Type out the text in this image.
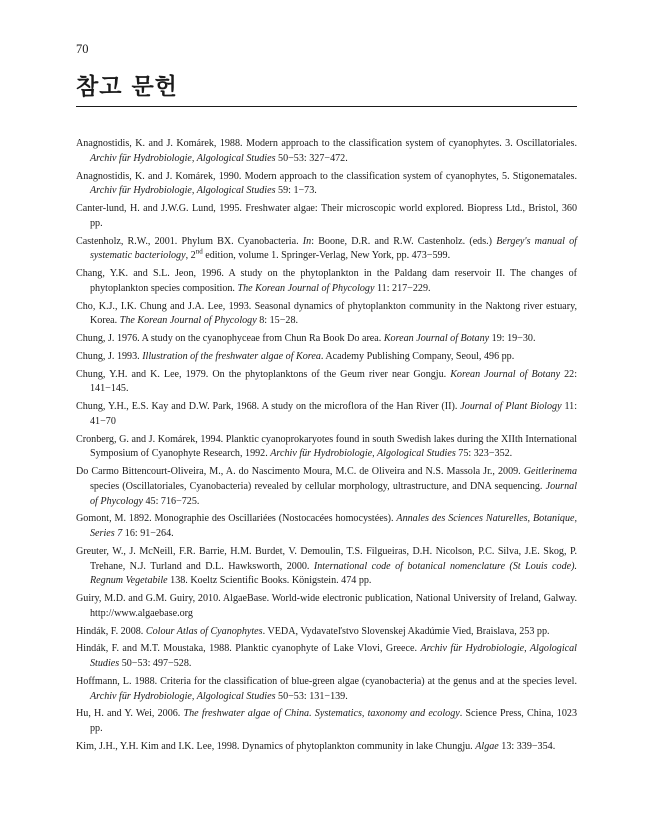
70
참고 문헌
Anagnostidis, K. and J. Komárek, 1988. Modern approach to the classification system of cyanophytes. 3. Oscillatoriales. Archiv für Hydrobiologie, Algological Studies 50−53: 327−472.
Anagnostidis, K. and J. Komárek, 1990. Modern approach to the classification system of cyanophytes, 5. Stigonematales. Archiv für Hydrobiologie, Algological Studies 59: 1−73.
Canter-lund, H. and J.W.G. Lund, 1995. Freshwater algae: Their microscopic world explored. Biopress Ltd., Bristol, 360 pp.
Castenholz, R.W., 2001. Phylum BX. Cyanobacteria. In: Boone, D.R. and R.W. Castenholz. (eds.) Bergey's manual of systematic bacteriology, 2nd edition, volume 1. Springer-Verlag, New York, pp. 473−599.
Chang, Y.K. and S.L. Jeon, 1996. A study on the phytoplankton in the Paldang dam reservoir II. The changes of phytoplankton species composition. The Korean Journal of Phycology 11: 217−229.
Cho, K.J., I.K. Chung and J.A. Lee, 1993. Seasonal dynamics of phytoplankton community in the Naktong river estuary, Korea. The Korean Journal of Phycology 8: 15−28.
Chung, J. 1976. A study on the cyanophyceae from Chun Ra Book Do area. Korean Journal of Botany 19: 19−30.
Chung, J. 1993. Illustration of the freshwater algae of Korea. Academy Publishing Company, Seoul, 496 pp.
Chung, Y.H. and K. Lee, 1979. On the phytoplanktons of the Geum river near Gongju. Korean Journal of Botany 22: 141−145.
Chung, Y.H., E.S. Kay and D.W. Park, 1968. A study on the microflora of the Han River (II). Journal of Plant Biology 11: 41−70
Cronberg, G. and J. Komárek, 1994. Planktic cyanoprokaryotes found in south Swedish lakes during the XIIth International Symposium of Cyanophyte Research, 1992. Archiv für Hydrobiologie, Algological Studies 75: 323−352.
Do Carmo Bittencourt-Oliveira, M., A. do Nascimento Moura, M.C. de Oliveira and N.S. Massola Jr., 2009. Geitlerinema species (Oscillatoriales, Cyanobacteria) revealed by cellular morphology, ultrastructure, and DNA sequencing. Journal of Phycology 45: 716−725.
Gomont, M. 1892. Monographie des Oscillariées (Nostocacées homocystées). Annales des Sciences Naturelles, Botanique, Series 7 16: 91−264.
Greuter, W., J. McNeill, F.R. Barrie, H.M. Burdet, V. Demoulin, T.S. Filgueiras, D.H. Nicolson, P.C. Silva, J.E. Skog, P. Trehane, N.J. Turland and D.L. Hawksworth, 2000. International code of botanical nomenclature (St Louis code). Regnum Vegetabile 138. Koeltz Scientific Books. Königstein. 474 pp.
Guiry, M.D. and G.M. Guiry, 2010. AlgaeBase. World-wide electronic publication, National University of Ireland, Galway. http://www.algaebase.org
Hindák, F. 2008. Colour Atlas of Cyanophytes. VEDA, Vydavateľstvo Slovenskej Akadúmie Vied, Braislava, 253 pp.
Hindák, F. and M.T. Moustaka, 1988. Planktic cyanophyte of Lake Vlovi, Greece. Archiv für Hydrobiologie, Algological Studies 50−53: 497−528.
Hoffmann, L. 1988. Criteria for the classification of blue-green algae (cyanobacteria) at the genus and at the species level. Archiv für Hydrobiologie, Algological Studies 50−53: 131−139.
Hu, H. and Y. Wei, 2006. The freshwater algae of China. Systematics, taxonomy and ecology. Science Press, China, 1023 pp.
Kim, J.H., Y.H. Kim and I.K. Lee, 1998. Dynamics of phytoplankton community in lake Chungju. Algae 13: 339−354.
